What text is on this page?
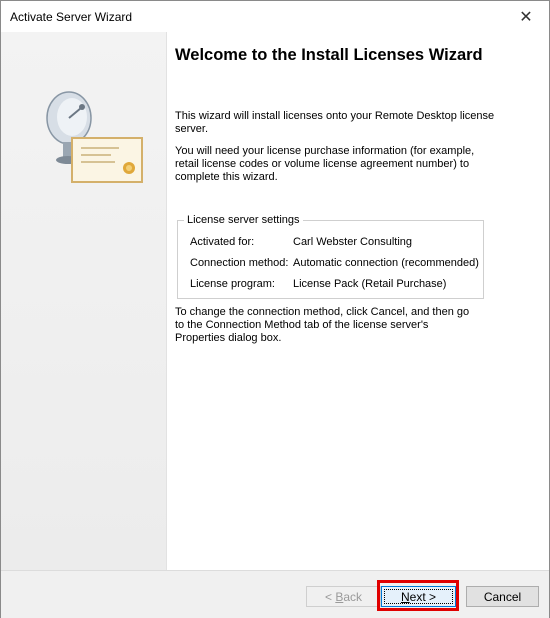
Activate Server Wizard	✕
Welcome to the Install Licenses Wizard
This wizard will install licenses onto your Remote Desktop license server.
You will need your license purchase information (for example, retail license codes or volume license agreement number) to complete this wizard.
License server settings
Activated for:	Carl Webster Consulting
Connection method: Automatic connection (recommended)
License program: License Pack (Retail Purchase)
To change the connection method, click Cancel, and then go to the Connection Method tab of the license server's Properties dialog box.
< B ack	N ext >	Cancel
